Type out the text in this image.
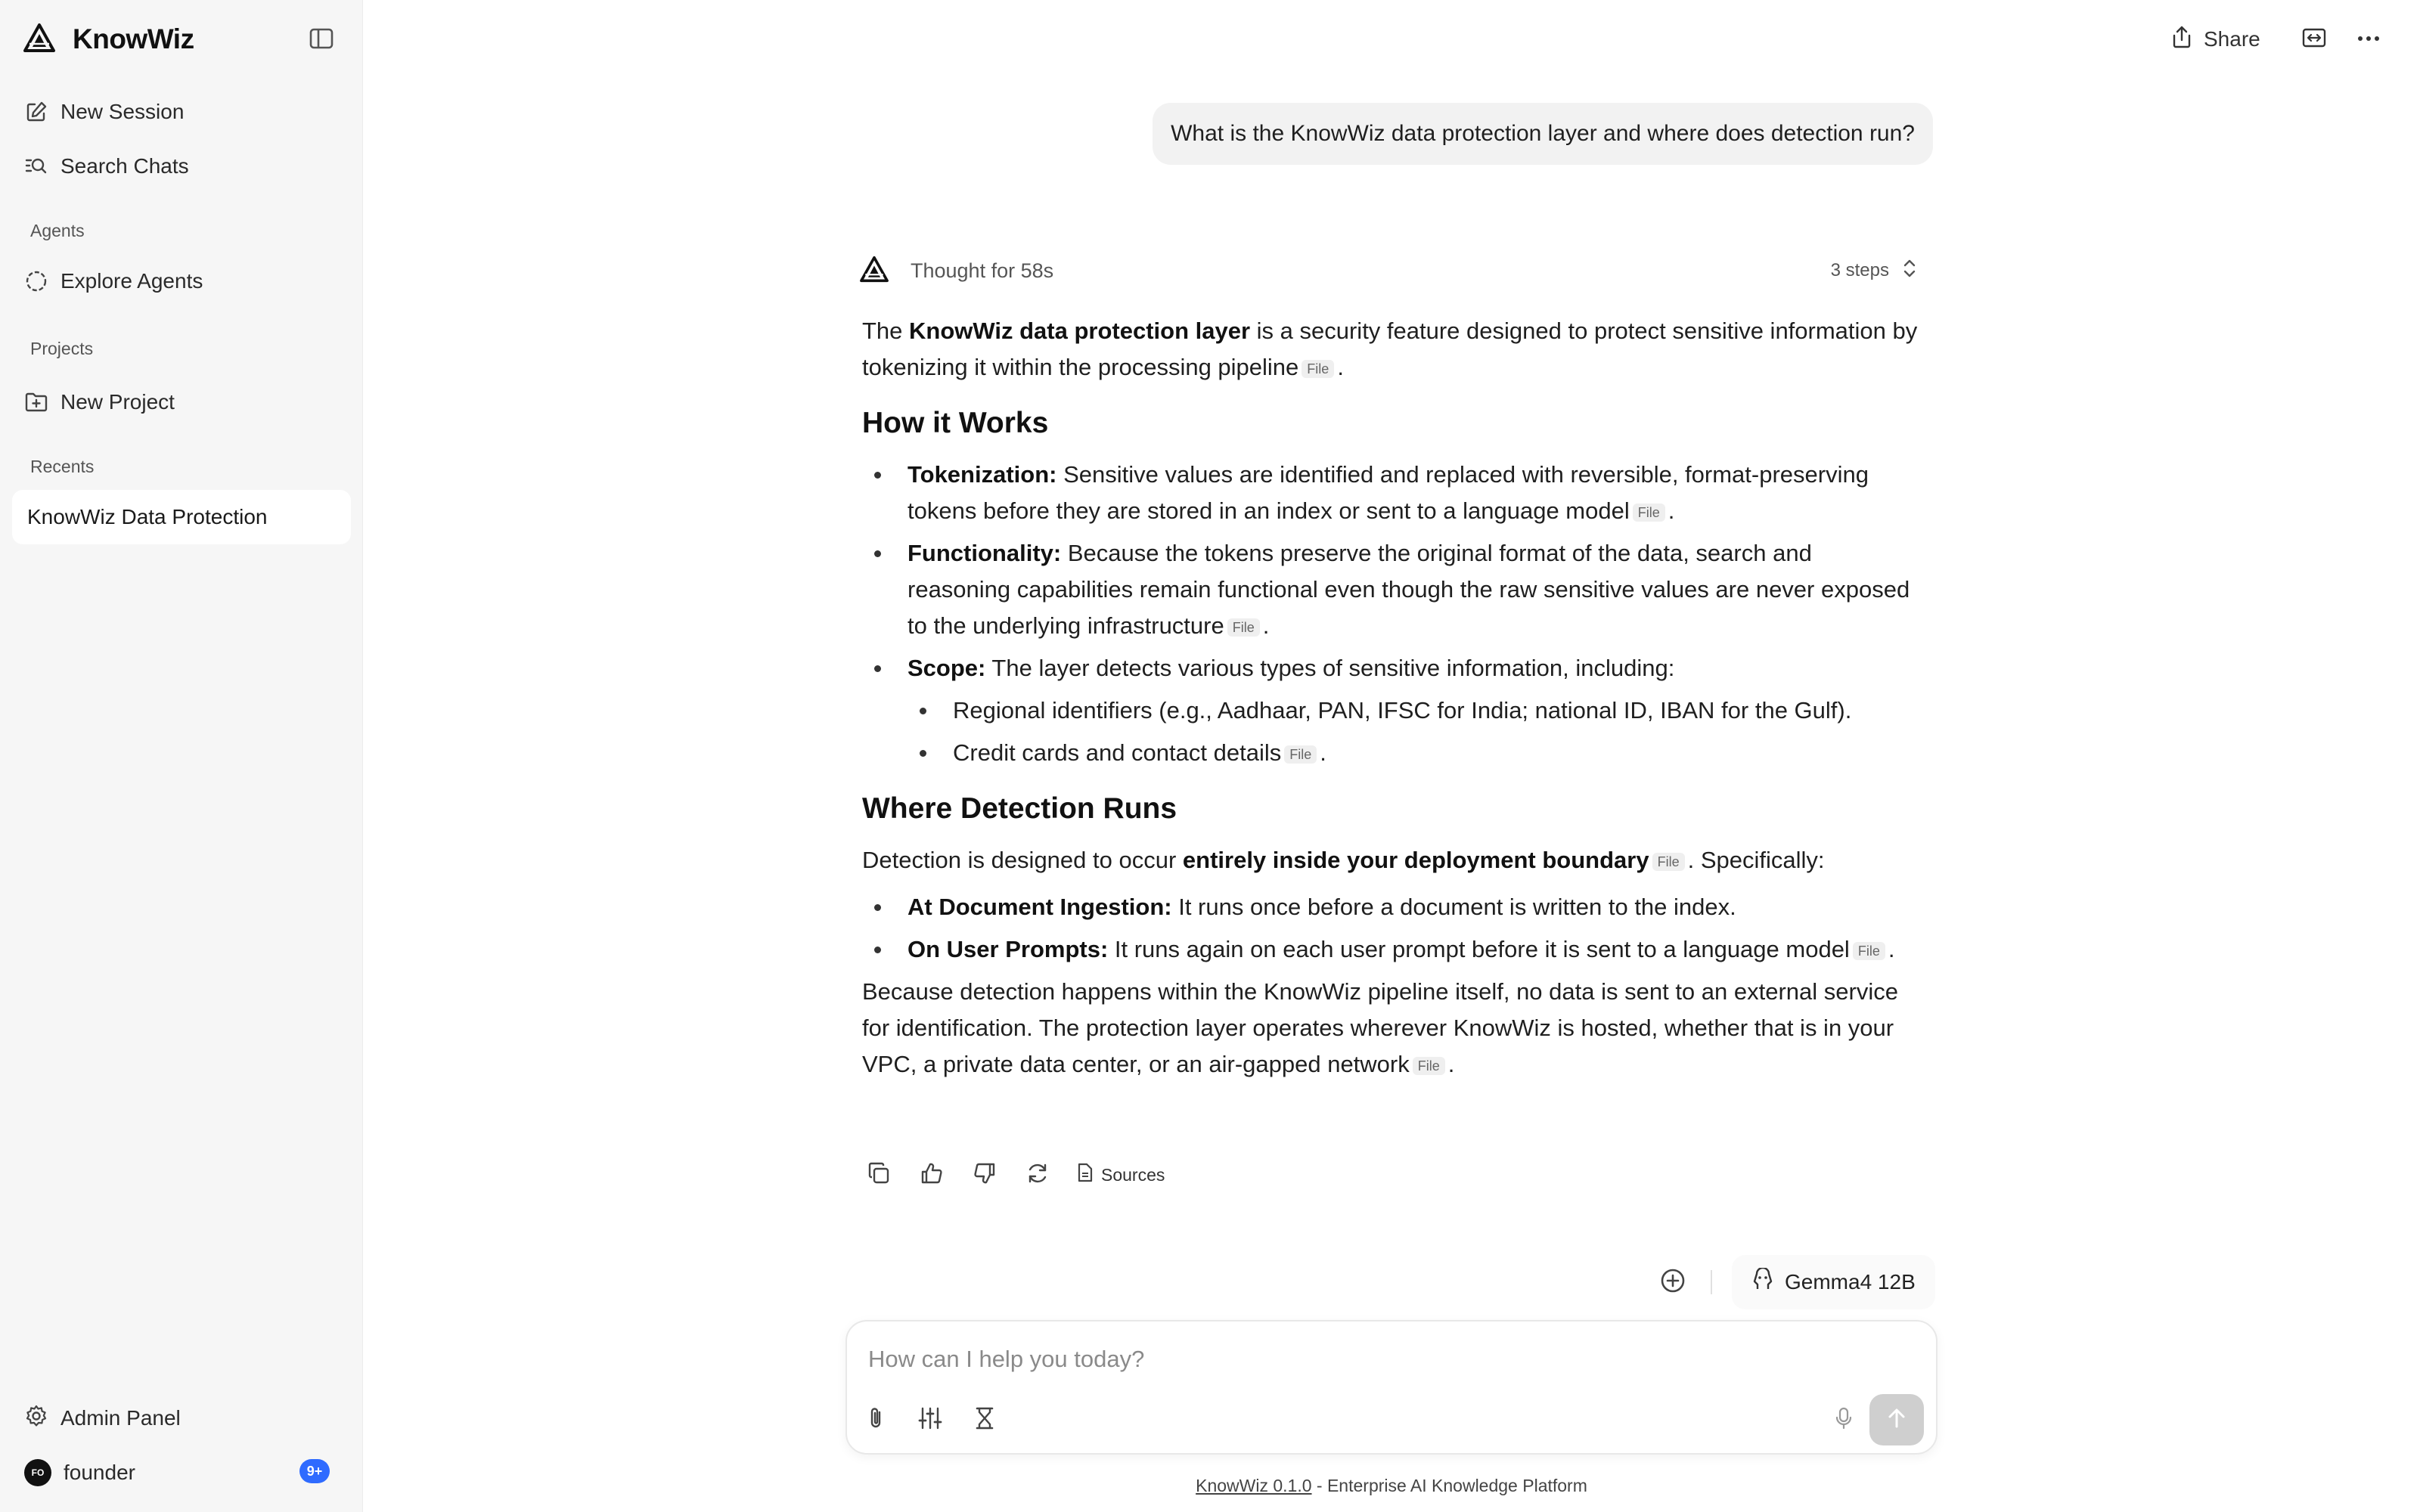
KnowWiz
New Session
Search Chats
Agents
Explore Agents
Projects
New Project
Recents
KnowWiz Data Protection
Admin Panel
FO founder	9+
Share
What is the KnowWiz data protection layer and where does detection run?
Thought for 58s	3 steps

The KnowWiz data protection layer is a security feature designed to protect sensitive information by tokenizing it within the processing pipeline File .

How it Works
Tokenization: Sensitive values are identified and replaced with reversible, format-preserving tokens before they are stored in an index or sent to a language model File .
Functionality: Because the tokens preserve the original format of the data, search and reasoning capabilities remain functional even though the raw sensitive values are never exposed to the underlying infrastructure File .
Scope: The layer detects various types of sensitive information, including:
Regional identifiers (e.g., Aadhaar, PAN, IFSC for India; national ID, IBAN for the Gulf).
Credit cards and contact details File .
Where Detection Runs

Detection is designed to occur entirely inside your deployment boundary File . Specifically:

At Document Ingestion: It runs once before a document is written to the index.
On User Prompts: It runs again on each user prompt before it is sent to a language model File .

Because detection happens within the KnowWiz pipeline itself, no data is sent to an external service for identification. The protection layer operates wherever KnowWiz is hosted, whether that is in your VPC, a private data center, or an air-gapped network File .

Sources
Gemma4 12B
How can I help you today?
KnowWiz 0.1.0 - Enterprise AI Knowledge Platform
